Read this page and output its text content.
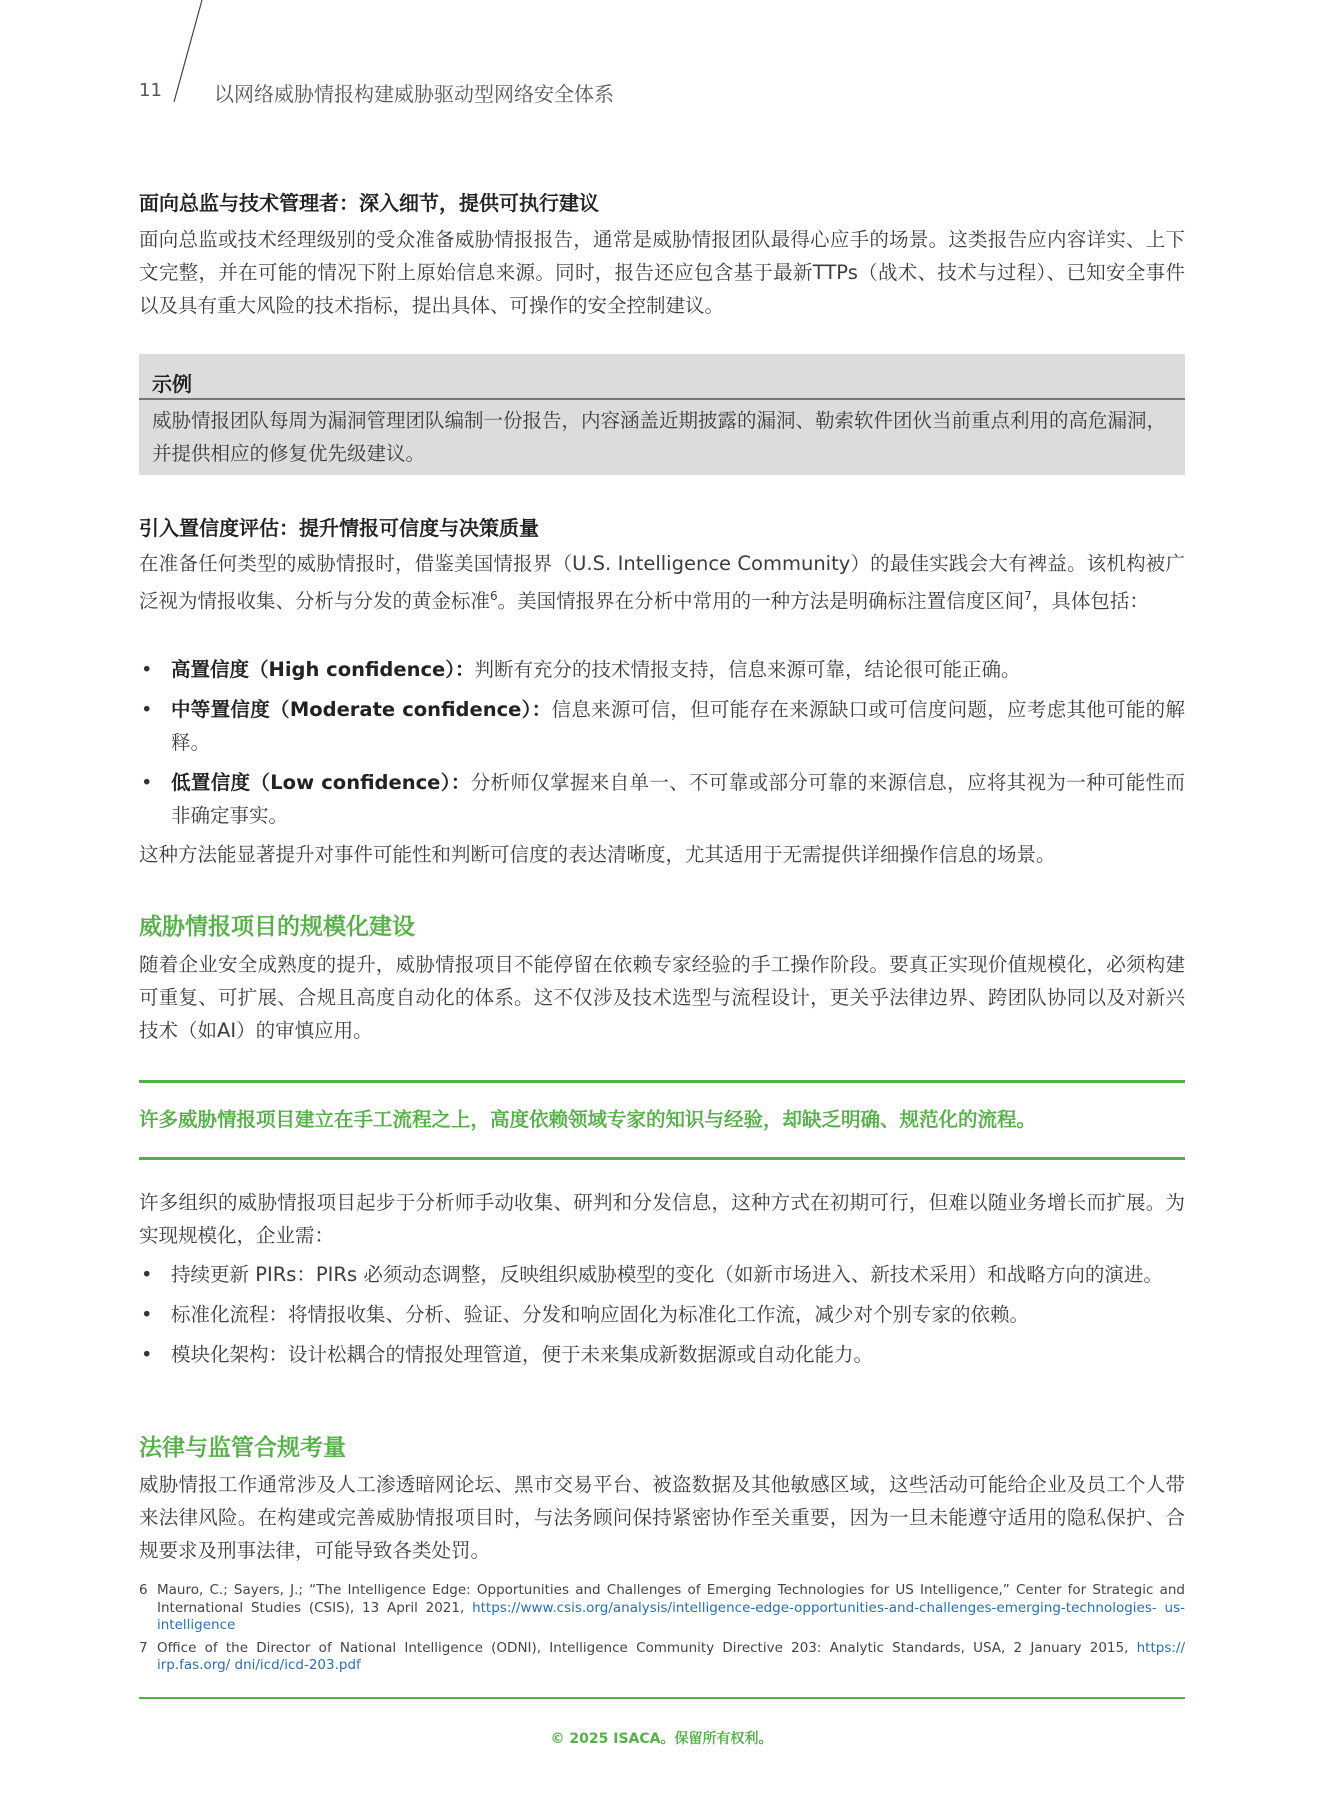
11	以网络威胁情报构建威胁驱动型网络安全体系
面向总监与技术管理者：深入细节，提供可执行建议
面向总监或技术经理级别的受众准备威胁情报报告，通常是威胁情报团队最得心应手的场景。这类报告应内容详实、上下文完整，并在可能的情况下附上原始信息来源。同时，报告还应包含基于最新TTPs（战术、技术与过程）、已知安全事件以及具有重大风险的技术指标，提出具体、可操作的安全控制建议。
示例
威胁情报团队每周为漏洞管理团队编制一份报告，内容涵盖近期披露的漏洞、勒索软件团伙当前重点利用的高危漏洞，并提供相应的修复优先级建议。
引入置信度评估：提升情报可信度与决策质量
在准备任何类型的威胁情报时，借鉴美国情报界（U.S. Intelligence Community）的最佳实践会大有裨益。该机构被广泛视为情报收集、分析与分发的黄金标准$^6$。美国情报界在分析中常用的一种方法是明确标注置信度区间$^7$，具体包括：
• 高置信度（High confidence）：判断有充分的技术情报支持，信息来源可靠，结论很可能正确。
• 中等置信度（Moderate confidence）：信息来源可信，但可能存在来源缺口或可信度问题，应考虑其他可能的解释。
• 低置信度（Low confidence）：分析师仅掌握来自单一、不可靠或部分可靠的来源信息，应将其视为一种可能性而非确定事实。
这种方法能显著提升对事件可能性和判断可信度的表达清晰度，尤其适用于无需提供详细操作信息的场景。
威胁情报项目的规模化建设
随着企业安全成熟度的提升，威胁情报项目不能停留在依赖专家经验的手工操作阶段。要真正实现价值规模化，必须构建可重复、可扩展、合规且高度自动化的体系。这不仅涉及技术选型与流程设计，更关乎法律边界、跨团队协同以及对新兴技术（如AI）的审慎应用。
许多威胁情报项目建立在手工流程之上，高度依赖领域专家的知识与经验，却缺乏明确、规范化的流程。
许多组织的威胁情报项目起步于分析师手动收集、研判和分发信息，这种方式在初期可行，但难以随业务增长而扩展。为实现规模化，企业需：
• 持续更新 PIRs：PIRs 必须动态调整，反映组织威胁模型的变化（如新市场进入、新技术采用）和战略方向的演进。
• 标准化流程：将情报收集、分析、验证、分发和响应固化为标准化工作流，减少对个别专家的依赖。
• 模块化架构：设计松耦合的情报处理管道，便于未来集成新数据源或自动化能力。
法律与监管合规考量
威胁情报工作通常涉及人工渗透暗网论坛、黑市交易平台、被盗数据及其他敏感区域，这些活动可能给企业及员工个人带来法律风险。在构建或完善威胁情报项目时，与法务顾问保持紧密协作至关重要，因为一旦未能遵守适用的隐私保护、合规要求及刑事法律，可能导致各类处罚。
6 Mauro, C.; Sayers, J.; “The Intelligence Edge: Opportunities and Challenges of Emerging Technologies for US Intelligence,” Center for Strategic and International Studies (CSIS), 13 April 2021, https://www.csis.org/analysis/intelligence-edge-opportunities-and-challenges-emerging-technologies- us-intelligence
7 Office of the Director of National Intelligence (ODNI), Intelligence Community Directive 203: Analytic Standards, USA, 2 January 2015, https:// irp.fas.org/ dni/icd/icd-203.pdf
© 2025 ISACA。保留所有权利。
